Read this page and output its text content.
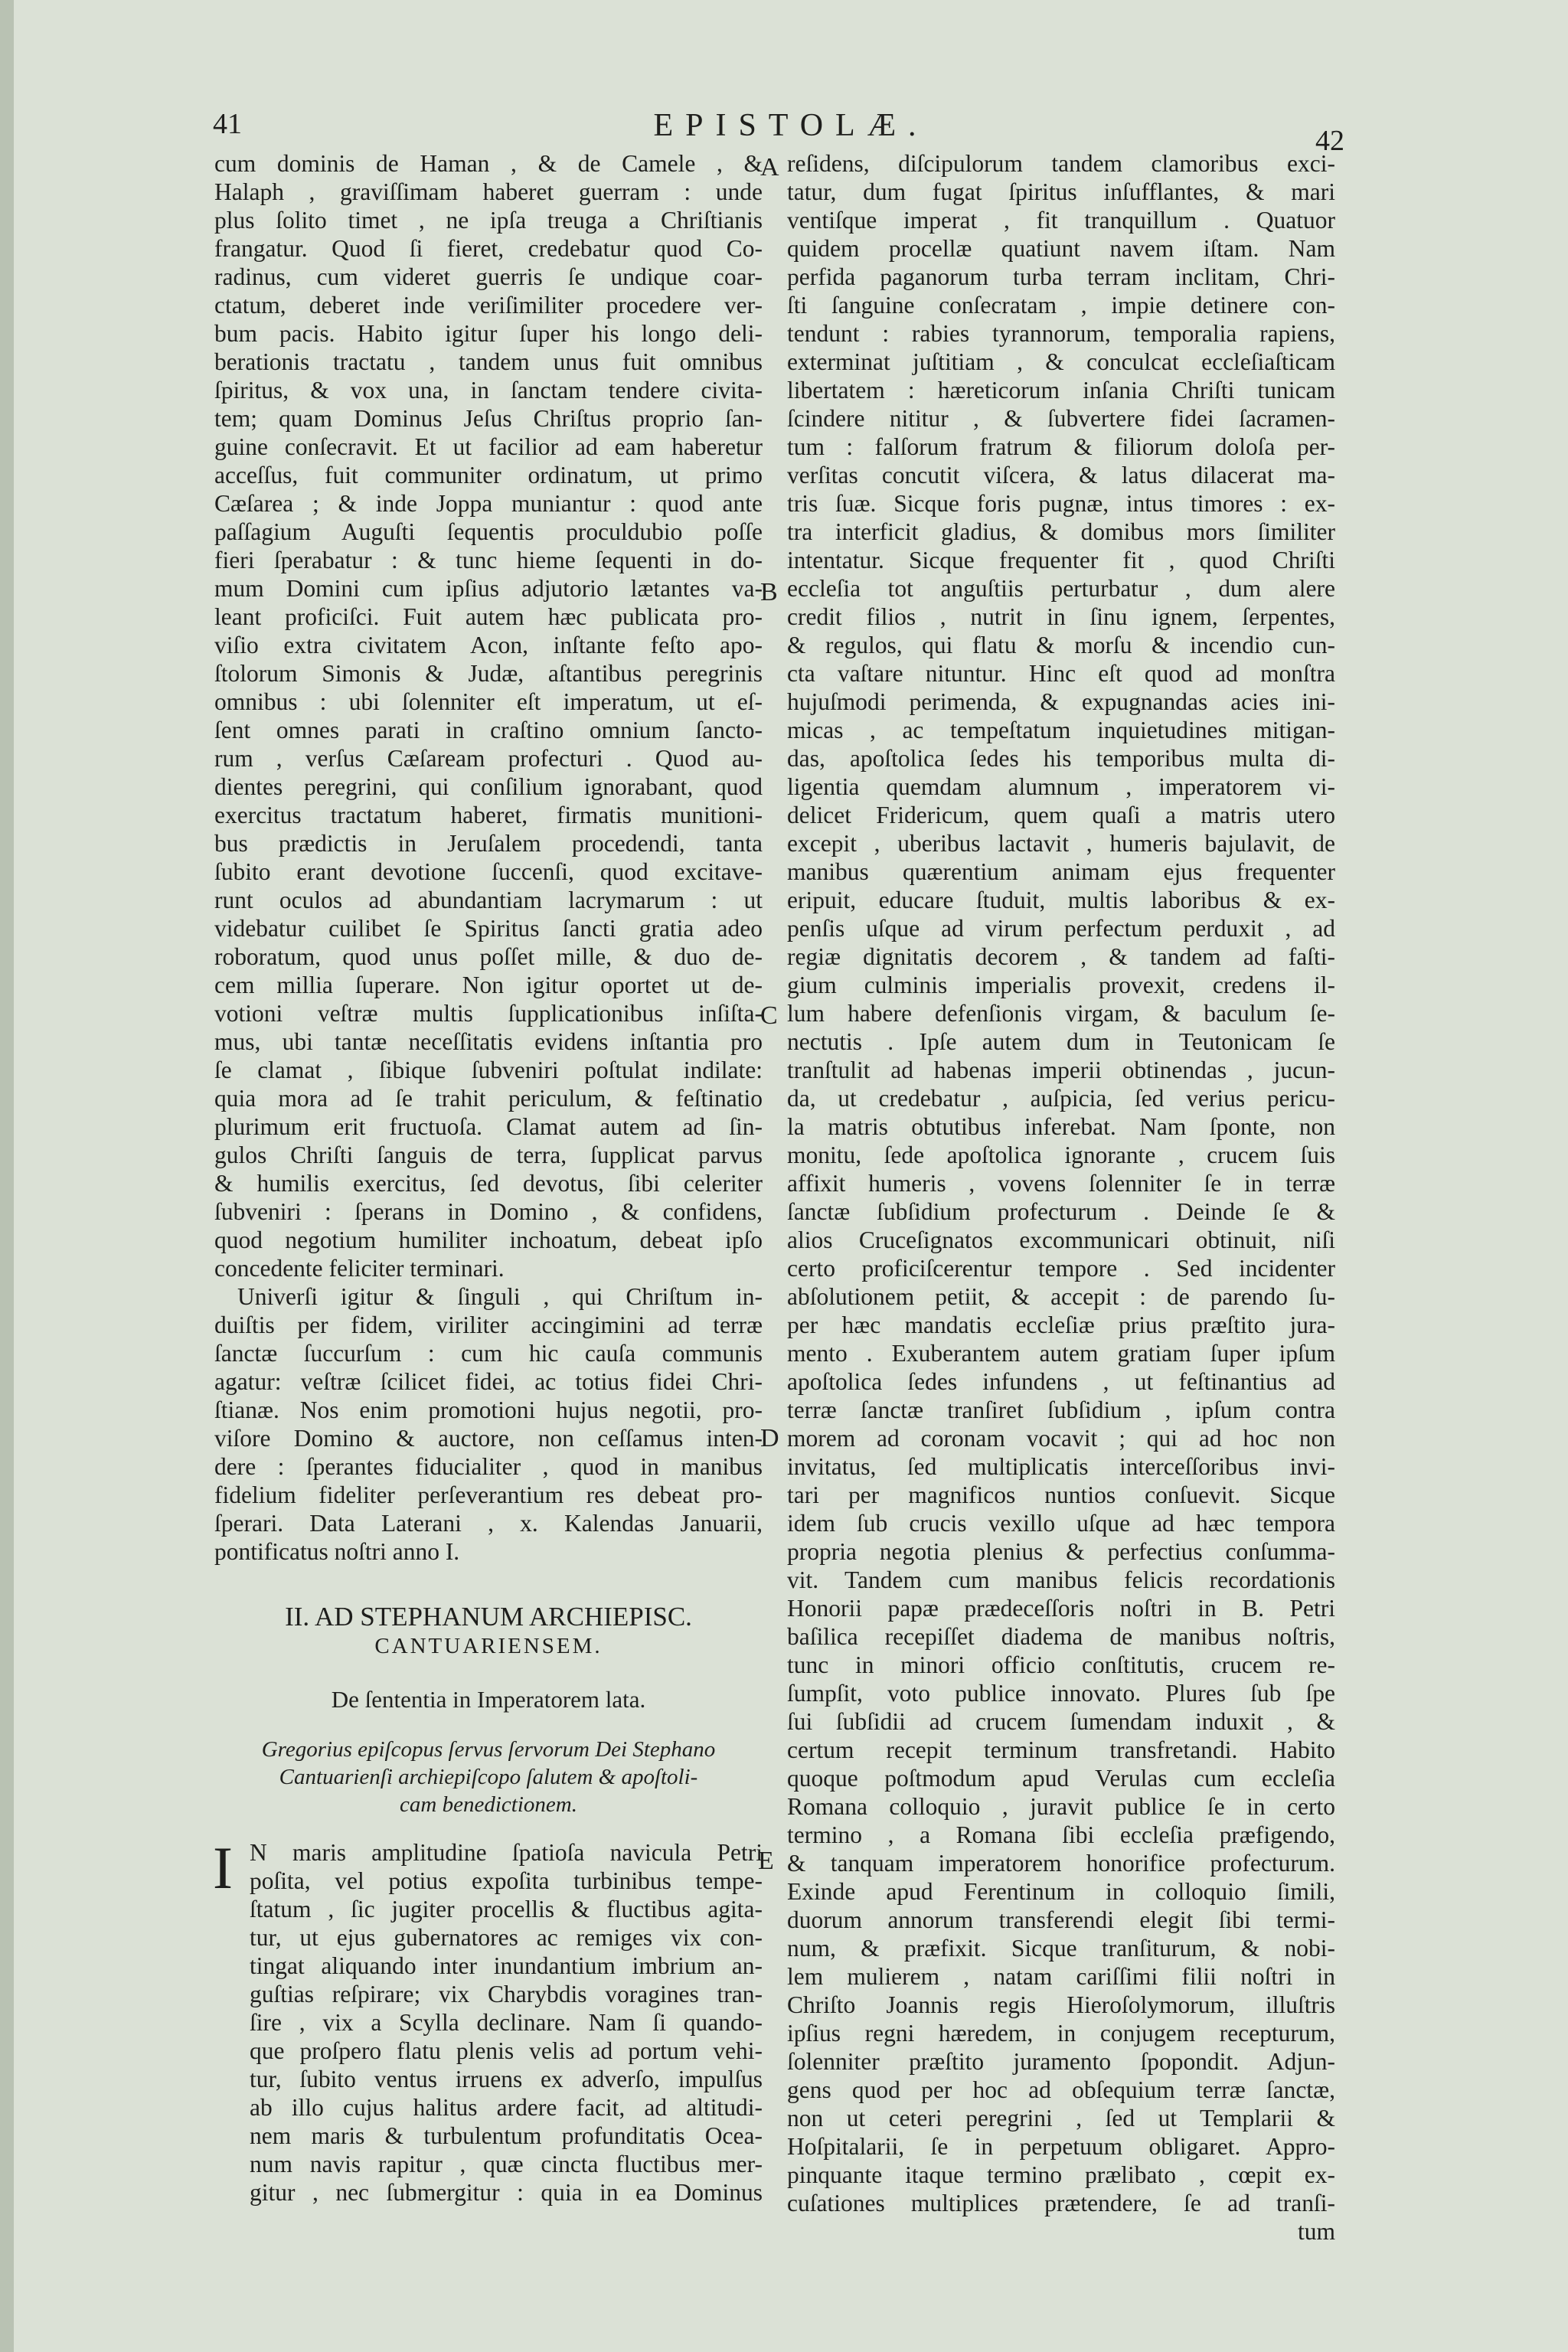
41	EPISTOLÆ.	42
A
B
C
D
E
cum dominis de Haman , & de Camele , &
Halaph , graviſſimam haberet guerram : unde
plus ſolito timet , ne ipſa treuga a Chriſtianis
frangatur. Quod ſi fieret, credebatur quod Co-
radinus, cum videret guerris ſe undique coar-
ctatum, deberet inde veriſimiliter procedere ver-
bum pacis. Habito igitur ſuper his longo deli-
berationis tractatu , tandem unus fuit omnibus
ſpiritus, & vox una, in ſanctam tendere civita-
tem; quam Dominus Jeſus Chriſtus proprio ſan-
guine conſecravit. Et ut facilior ad eam haberetur
acceſſus, fuit communiter ordinatum, ut primo
Cæſarea ; & inde Joppa muniantur : quod ante
paſſagium Auguſti ſequentis proculdubio poſſe
fieri ſperabatur : & tunc hieme ſequenti in do-
mum Domini cum ipſius adjutorio lætantes va-
leant proficiſci. Fuit autem hæc publicata pro-
viſio extra civitatem Acon, inſtante feſto apo-
ſtolorum Simonis & Judæ, aſtantibus peregrinis
omnibus : ubi ſolenniter eſt imperatum, ut eſ-
ſent omnes parati in craſtino omnium ſancto-
rum , verſus Cæſaream profecturi . Quod au-
dientes peregrini, qui conſilium ignorabant, quod
exercitus tractatum haberet, firmatis munitioni-
bus prædictis in Jeruſalem procedendi, tanta
ſubito erant devotione ſuccenſi, quod excitave-
runt oculos ad abundantiam lacrymarum : ut
videbatur cuilibet ſe Spiritus ſancti gratia adeo
roboratum, quod unus poſſet mille, & duo de-
cem millia ſuperare. Non igitur oportet ut de-
votioni veſtræ multis ſupplicationibus inſiſta-
mus, ubi tantæ neceſſitatis evidens inſtantia pro
ſe clamat , ſibique ſubveniri poſtulat indilate:
quia mora ad ſe trahit periculum, & feſtinatio
plurimum erit fructuoſa. Clamat autem ad ſin-
gulos Chriſti ſanguis de terra, ſupplicat parvus
& humilis exercitus, ſed devotus, ſibi celeriter
ſubveniri : ſperans in Domino , & confidens,
quod negotium humiliter inchoatum, debeat ipſo
concedente feliciter terminari.
Univerſi igitur & ſinguli , qui Chriſtum in-
duiſtis per fidem, viriliter accingimini ad terræ
ſanctæ ſuccurſum : cum hic cauſa communis
agatur: veſtræ ſcilicet fidei, ac totius fidei Chri-
ſtianæ. Nos enim promotioni hujus negotii, pro-
viſore Domino & auctore, non ceſſamus inten-
dere : ſperantes fiducialiter , quod in manibus
fidelium fideliter perſeverantium res debeat pro-
ſperari. Data Laterani , x. Kalendas Januarii,
pontificatus noſtri anno I.
II. AD STEPHANUM ARCHIEPISC.
CANTUARIENSEM.
De ſententia in Imperatorem lata.
Gregorius epiſcopus ſervus ſervorum Dei Stephano
Cantuarienſi archiepiſcopo ſalutem & apoſtoli-
cam benedictionem.
I N maris amplitudine ſpatioſa navicula Petri
poſita, vel potius expoſita turbinibus tempe-
ſtatum , ſic jugiter procellis & fluctibus agita-
tur, ut ejus gubernatores ac remiges vix con-
tingat aliquando inter inundantium imbrium an-
guſtias reſpirare; vix Charybdis voragines tran-
ſire , vix a Scylla declinare. Nam ſi quando-
que proſpero flatu plenis velis ad portum vehi-
tur, ſubito ventus irruens ex adverſo, impulſus
ab illo cujus halitus ardere facit, ad altitudi-
nem maris & turbulentum profunditatis Ocea-
num navis rapitur , quæ cincta fluctibus mer-
gitur , nec ſubmergitur : quia in ea Dominus
reſidens, diſcipulorum tandem clamoribus exci-
tatur, dum fugat ſpiritus inſufflantes, & mari
ventiſque imperat , fit tranquillum . Quatuor
quidem procellæ quatiunt navem iſtam. Nam
perfida paganorum turba terram inclitam, Chri-
ſti ſanguine conſecratam , impie detinere con-
tendunt : rabies tyrannorum, temporalia rapiens,
exterminat juſtitiam , & conculcat eccleſiaſticam
libertatem : hæreticorum inſania Chriſti tunicam
ſcindere nititur , & ſubvertere fidei ſacramen-
tum : falſorum fratrum & filiorum doloſa per-
verſitas concutit viſcera, & latus dilacerat ma-
tris ſuæ. Sicque foris pugnæ, intus timores : ex-
tra interficit gladius, & domibus mors ſimiliter
intentatur. Sicque frequenter fit , quod Chriſti
eccleſia tot anguſtiis perturbatur , dum alere
credit filios , nutrit in ſinu ignem, ſerpentes,
& regulos, qui flatu & morſu & incendio cun-
cta vaſtare nituntur. Hinc eſt quod ad monſtra
hujuſmodi perimenda, & expugnandas acies ini-
micas , ac tempeſtatum inquietudines mitigan-
das, apoſtolica ſedes his temporibus multa di-
ligentia quemdam alumnum , imperatorem vi-
delicet Fridericum, quem quaſi a matris utero
excepit , uberibus lactavit , humeris bajulavit, de
manibus quærentium animam ejus frequenter
eripuit, educare ſtuduit, multis laboribus & ex-
penſis uſque ad virum perfectum perduxit , ad
regiæ dignitatis decorem , & tandem ad faſti-
gium culminis imperialis provexit, credens il-
lum habere defenſionis virgam, & baculum ſe-
nectutis . Ipſe autem dum in Teutonicam ſe
tranſtulit ad habenas imperii obtinendas , jucun-
da, ut credebatur , auſpicia, ſed verius pericu-
la matris obtutibus inferebat. Nam ſponte, non
monitu, ſede apoſtolica ignorante , crucem ſuis
affixit humeris , vovens ſolenniter ſe in terræ
ſanctæ ſubſidium profecturum . Deinde ſe &
alios Cruceſignatos excommunicari obtinuit, niſi
certo proficiſcerentur tempore . Sed incidenter
abſolutionem petiit, & accepit : de parendo ſu-
per hæc mandatis eccleſiæ prius præſtito jura-
mento . Exuberantem autem gratiam ſuper ipſum
apoſtolica ſedes infundens , ut feſtinantius ad
terræ ſanctæ tranſiret ſubſidium , ipſum contra
morem ad coronam vocavit ; qui ad hoc non
invitatus, ſed multiplicatis interceſſoribus invi-
tari per magnificos nuntios conſuevit. Sicque
idem ſub crucis vexillo uſque ad hæc tempora
propria negotia plenius & perfectius conſumma-
vit. Tandem cum manibus felicis recordationis
Honorii papæ prædeceſſoris noſtri in B. Petri
baſilica recepiſſet diadema de manibus noſtris,
tunc in minori officio conſtitutis, crucem re-
ſumpſit, voto publice innovato. Plures ſub ſpe
ſui ſubſidii ad crucem ſumendam induxit , &
certum recepit terminum transfretandi. Habito
quoque poſtmodum apud Verulas cum eccleſia
Romana colloquio , juravit publice ſe in certo
termino , a Romana ſibi eccleſia præfigendo,
& tanquam imperatorem honorifice profecturum.
Exinde apud Ferentinum in colloquio ſimili,
duorum annorum transferendi elegit ſibi termi-
num, & præfixit. Sicque tranſiturum, & nobi-
lem mulierem , natam cariſſimi filii noſtri in
Chriſto Joannis regis Hieroſolymorum, illuſtris
ipſius regni hæredem, in conjugem recepturum,
ſolenniter præſtito juramento ſpopondit. Adjun-
gens quod per hoc ad obſequium terræ ſanctæ,
non ut ceteri peregrini , ſed ut Templarii &
Hoſpitalarii, ſe in perpetuum obligaret. Appro-
pinquante itaque termino prælibato , cœpit ex-
cuſationes multiplices prætendere, ſe ad tranſi-
tum
